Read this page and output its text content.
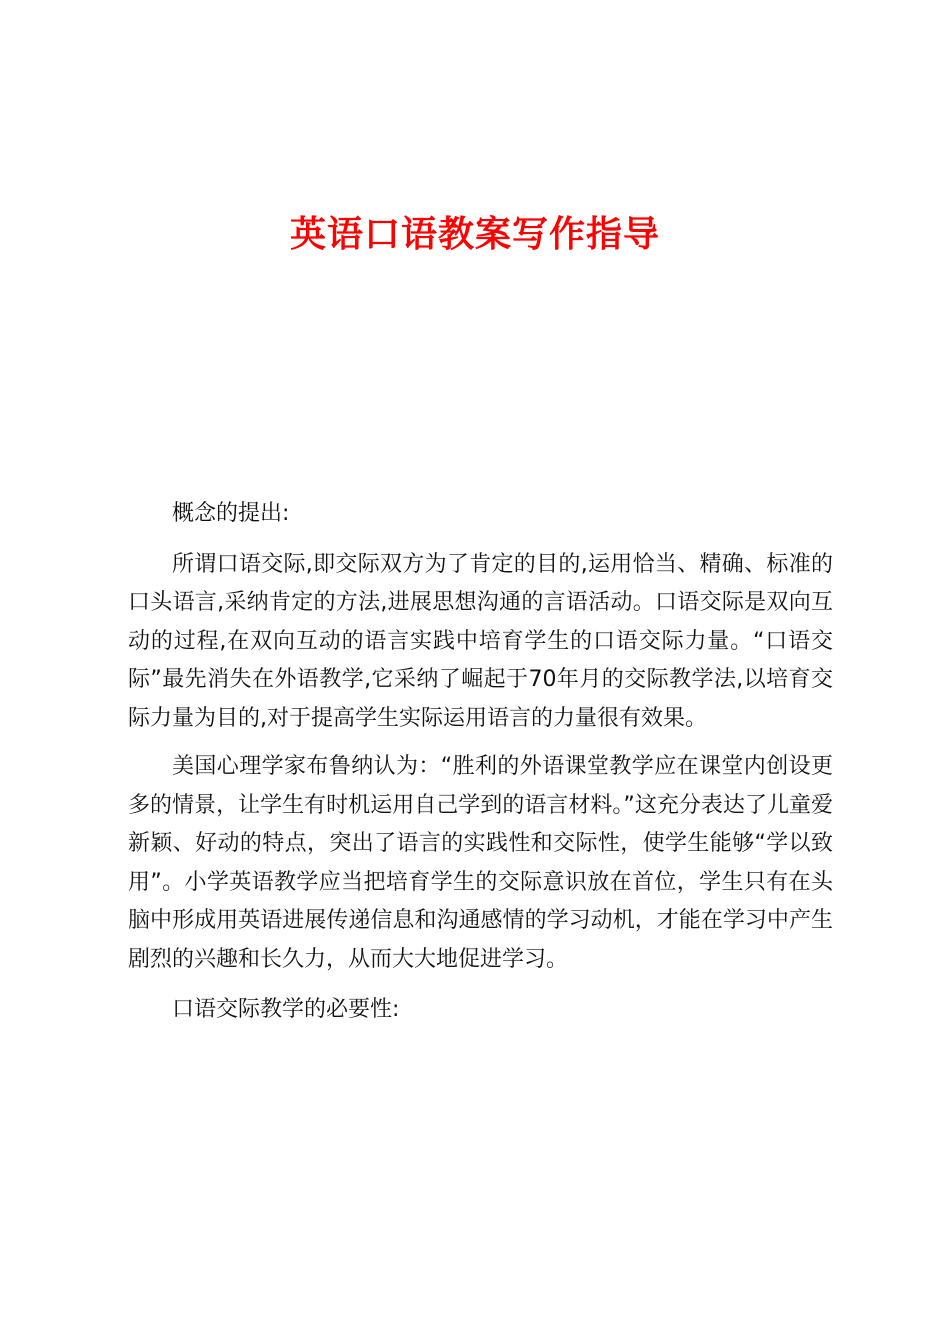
英语口语教案写作指导

概念的提出:

所谓口语交际,即交际双方为了肯定的目的,运用恰当、精确、标准的口头语言,采纳肯定的方法,进展思想沟通的言语活动。口语交际是双向互动的过程,在双向互动的语言实践中培育学生的口语交际力量。“口语交际”最先消失在外语教学,它采纳了崛起于70年月的交际教学法,以培育交际力量为目的,对于提高学生实际运用语言的力量很有效果。

美国心理学家布鲁纳认为：“胜利的外语课堂教学应在课堂内创设更多的情景，让学生有时机运用自己学到的语言材料。”这充分表达了儿童爱新颖、好动的特点，突出了语言的实践性和交际性，使学生能够“学以致用”。小学英语教学应当把培育学生的交际意识放在首位，学生只有在头脑中形成用英语进展传递信息和沟通感情的学习动机，才能在学习中产生剧烈的兴趣和长久力，从而大大地促进学习。

口语交际教学的必要性:
